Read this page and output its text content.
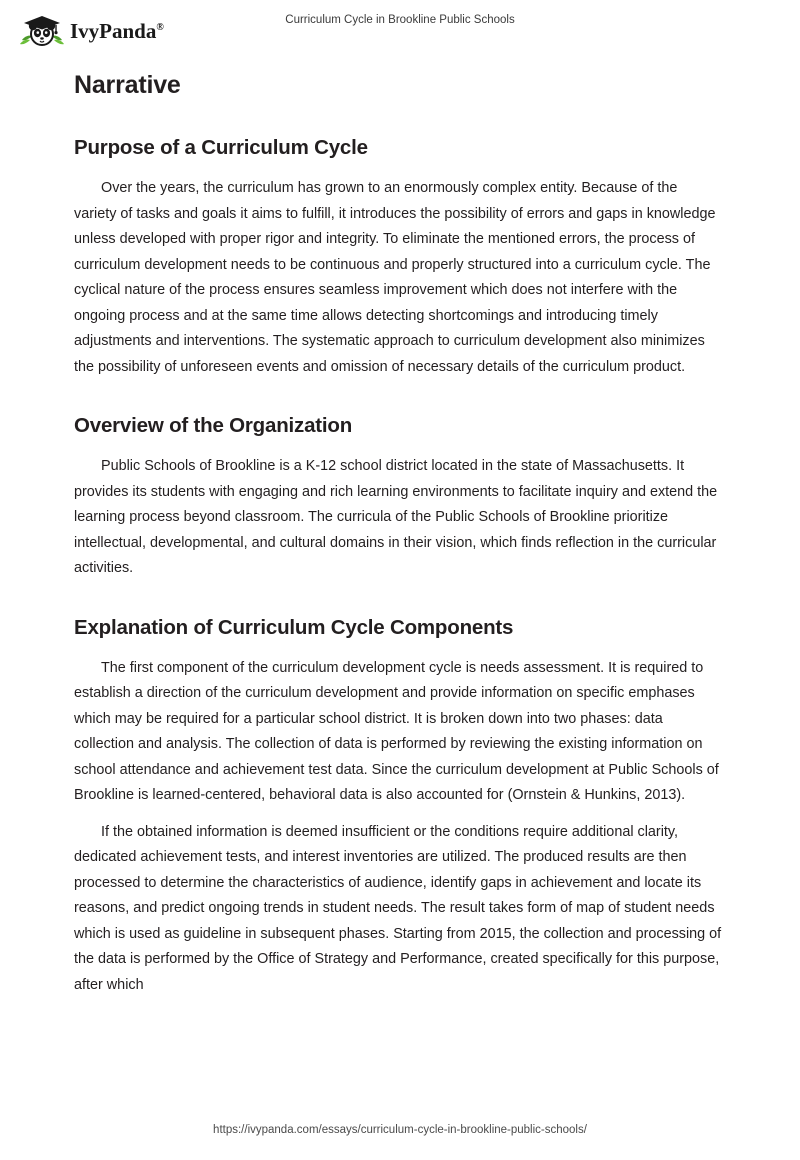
IvyPanda®
Curriculum Cycle in Brookline Public Schools
Narrative
Purpose of a Curriculum Cycle

Over the years, the curriculum has grown to an enormously complex entity. Because of the variety of tasks and goals it aims to fulfill, it introduces the possibility of errors and gaps in knowledge unless developed with proper rigor and integrity. To eliminate the mentioned errors, the process of curriculum development needs to be continuous and properly structured into a curriculum cycle. The cyclical nature of the process ensures seamless improvement which does not interfere with the ongoing process and at the same time allows detecting shortcomings and introducing timely adjustments and interventions. The systematic approach to curriculum development also minimizes the possibility of unforeseen events and omission of necessary details of the curriculum product.

Overview of the Organization

Public Schools of Brookline is a K-12 school district located in the state of Massachusetts. It provides its students with engaging and rich learning environments to facilitate inquiry and extend the learning process beyond classroom. The curricula of the Public Schools of Brookline prioritize intellectual, developmental, and cultural domains in their vision, which finds reflection in the curricular activities.

Explanation of Curriculum Cycle Components

The first component of the curriculum development cycle is needs assessment. It is required to establish a direction of the curriculum development and provide information on specific emphases which may be required for a particular school district. It is broken down into two phases: data collection and analysis. The collection of data is performed by reviewing the existing information on school attendance and achievement test data. Since the curriculum development at Public Schools of Brookline is learned-centered, behavioral data is also accounted for (Ornstein & Hunkins, 2013).

If the obtained information is deemed insufficient or the conditions require additional clarity, dedicated achievement tests, and interest inventories are utilized. The produced results are then processed to determine the characteristics of audience, identify gaps in achievement and locate its reasons, and predict ongoing trends in student needs. The result takes form of map of student needs which is used as guideline in subsequent phases. Starting from 2015, the collection and processing of the data is performed by the Office of Strategy and Performance, created specifically for this purpose, after which

https://ivypanda.com/essays/curriculum-cycle-in-brookline-public-schools/
